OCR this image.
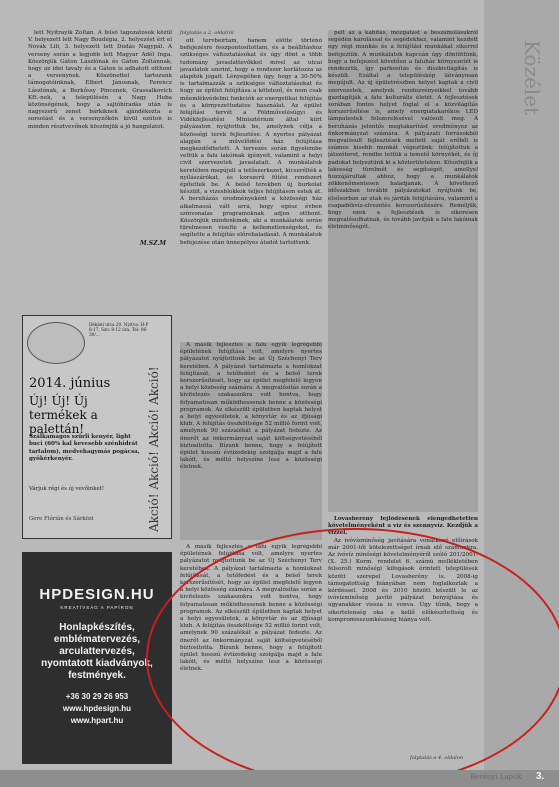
lett Nyitrayik Zoltán. A felső tagozatosok közül V. helyezett lett Nagy Boudegia, 2. helyezést ért el Novák Lili, 3. helyezett lett Dudás Nagypál. A verseny során a legjobb lett Magyar Adél Inga. Köszönjük Gáton Lászlónak és Gáton Zoltánnak, hogy az idei tavaly és a Gáton is adhatott otthont a versenynek. Köszönettel tartozunk támogatóinknak, Elbert Jánosnak, Ferencz Lászlónak, a Berkőssy Pincenek, Grassalkovich Kft.-nek, a településén a Nagy Huba közönségének, hogy a sajtóhíradás után is nagyszerű zenet bárkiknek ajándékozta a sorsolást és a versenyzőkön kívül ezúton is minden résztvevőnek köszönjük a jó hangulatot.

M.SZ.M
Dékáni utca 20. Nyitva: H-P 8-17, Szo: 8-12 óra, Tel: 06-30/...
2014. június
Új! Új! Új termékek a palettán!
Szálkamagos szűrli kenyér, light buci (60% kal kevesebb szénhidrát tartalom), medvehagymás pogácsa, gyökérkenyér.
Várjuk régi és új vevőinket!
Gere Flórián és Sárközi	Akció! Akció! Akció! Akció!
HPDESIGN.HU
KREATÍVSÁG A PAPÍRON
Honlapkészítés, emblématervezés, arculattervezés, nyomtatott kiadványok, festmények.
+36 30 29 26 953
www.hpdesign.hu
www.hpart.hu
folytatás a 2. oldalról

ott tervbeírtam, hanem előtte történő befejezésre összpontosítottam, és a beállításhoz szükséges változtatásokat és úgy dönt a több tudomány javaslattevőkkel mivel az utcai javaslatok szerint, hogy a rendszer korlátozza az alapítók jogait. Lényegében úgy, hogy a 30-50% is tartalmazzák a szükséges változtatásokat és hogy az épület felújítása a kötelező, és nem csak műemlékvédelmi funkciók az energetikai felújítás és a környezettudatos használat. Az épület felújítási tervét a Földművelésügyi és Vidékfejlesztési Minisztérium által kiírt pályázaton nyújtottuk be, amelynek célja a közösségi terek fejlesztése. A nyertes pályázat alapján a művelődési ház felújítása megkezdődhetett. A tervezés során figyelembe vettük a falu lakóinak igényeit, valamint a helyi civil szervezetek javaslatait. A munkálatok keretében megújult a tetőszerkezet, kicserélték a nyílászárókat, és korszerű fűtési rendszert építettek be. A belső terekben új burkolat készült, a vizesblokkok teljes felújításon estek át. A beruházás eredményeként a közösségi ház alkalmassá vált arra, hogy egész évben színvonalas programoknak adjon otthont. Köszönjük mindenkinek, aki a munkálatok során türelmesen viselte a kellemetlenségeket, és segítette a felújítás előrehaladását. A munkálatok befejezése után ünnepélyes átadót tartottunk.

A másik fejlesztés a falu egyik legrégebbi épületének felújítása volt, amelyre nyertes pályázatot nyújtottunk be az Új Széchenyi Terv keretében. A pályázat tartalmazta a homlokzat felújítását, a tetőfedést és a belső terek korszerűsítését, hogy az épület megfelelő legyen a helyi közösség számára. A megvalósítás során a kivitelezés szakaszokra volt bontva, hogy folyamatosan működhessenek benne a közösségi programok. Az elkészült épületben kaptak helyet a helyi egyesületek, a könyvtár és az ifjúsági klub. A felújítás összköltsége 52 millió forint volt, amelynek 90 százalékát a pályázat fedezte. Az önerőt az önkormányzat saját költségvetéséből biztosította. Bízunk benne, hogy a felújított épület hosszú évtizedekig szolgálja majd a falu lakóit, és méltó helyszíne lesz a közösségi életnek.

A másik fejlesztés a falu egyik legrégebbi épületének felújítása volt, amelyre nyertes pályázatot nyújtottunk be az Új Széchenyi Terv keretében. A pályázat tartalmazta a homlokzat felújítását, a tetőfedést és a belső terek korszerűsítését, hogy az épület megfelelő legyen a helyi közösség számára. A megvalósítás során a kivitelezés szakaszokra volt bontva, hogy folyamatosan működhessenek benne a közösségi programok. Az elkészült épületben kaptak helyet a helyi egyesületek, a könyvtár és az ifjúsági klub. A felújítás összköltsége 52 millió forint volt, amelynek 90 százalékát a pályázat fedezte. Az önerőt az önkormányzat saját költségvetéséből biztosította. Bízunk benne, hogy a felújított épület hosszú évtizedekig szolgálja majd a falu lakóit, és méltó helyszíne lesz a közösségi életnek.

pelt az a kábítás, mozgatást a beszámolásukról segédén karolással és segédekhez, valamint kezdett egy régi munkás és a felújítási munkákat sikerrel befejeztük. A munkálatok kapcsán úgy döntöttünk, hogy a befejezést követően a faluház környezetét is rendezzük, így parkosítás és díszkivilágítás is készült. Ezáltal a településkép látványosan megújult. Az új épületrészben helyet kaptak a civil szervezetek, amelyek rendezvényeikkel tovább gazdagítják a falu kulturális életét. A fejlesztések sorában fontos helyet foglal el a közvilágítás korszerűsítése is, amely energiatakarékos LED lámpatestek felszerelésével valósult meg. A beruházás jelentős megtakarítást eredményez az önkormányzat számára. A pályázati forrásokból megvalósult fejlesztések mellett saját erőből is számos kisebb munkát végeztünk: felújítottuk a játszóteret, rendbe tettük a temető környékét, és új padokat helyeztünk ki a közterületeken. Köszönjük a lakosság türelmét és segítségét, amellyel hozzájárultak ahhoz, hogy a munkálatok zökkenőmentesen haladjanak. A következő időszakban további pályázatokat nyújtunk be, elsősorban az utak és járdák felújítására, valamint a csapadékvíz-elvezetés korszerűsítésére. Reméljük, hogy ezek a fejlesztések is sikeresen megvalósulhatnak, és tovább javítják a falu lakóinak életminőségét.

Lovasberény fejlődésének elengedhetetlen követelményeként a víz és szennyvíz. Kezdjük a vízzel.

Az ivóvízminőség javítására vonatkozó előírások már 2001-től kötelezettséget írnak elő számunkra. Az ivóvíz minőségi követelményéről szóló 201/2001. (X. 25.) Korm. rendelet 6. számú mellékletében felsorolt minőségi kifogások érintett települések között szerepel Lovasberény is. 2008-ig támogatottság hiányában nem foglalkoztak a kérdéssel. 2008 és 2010 között készült le az ivóvízminőség javító pályázat benyújtása és ugyanakkor vissza is vonva. Úgy tűnik, hogy a sikertelenség oka a kellő előkészítettség és kompromisszumkészség hiánya volt.

folytatás a 4. oldalon
Közélet
Berényi Lapok 3.
